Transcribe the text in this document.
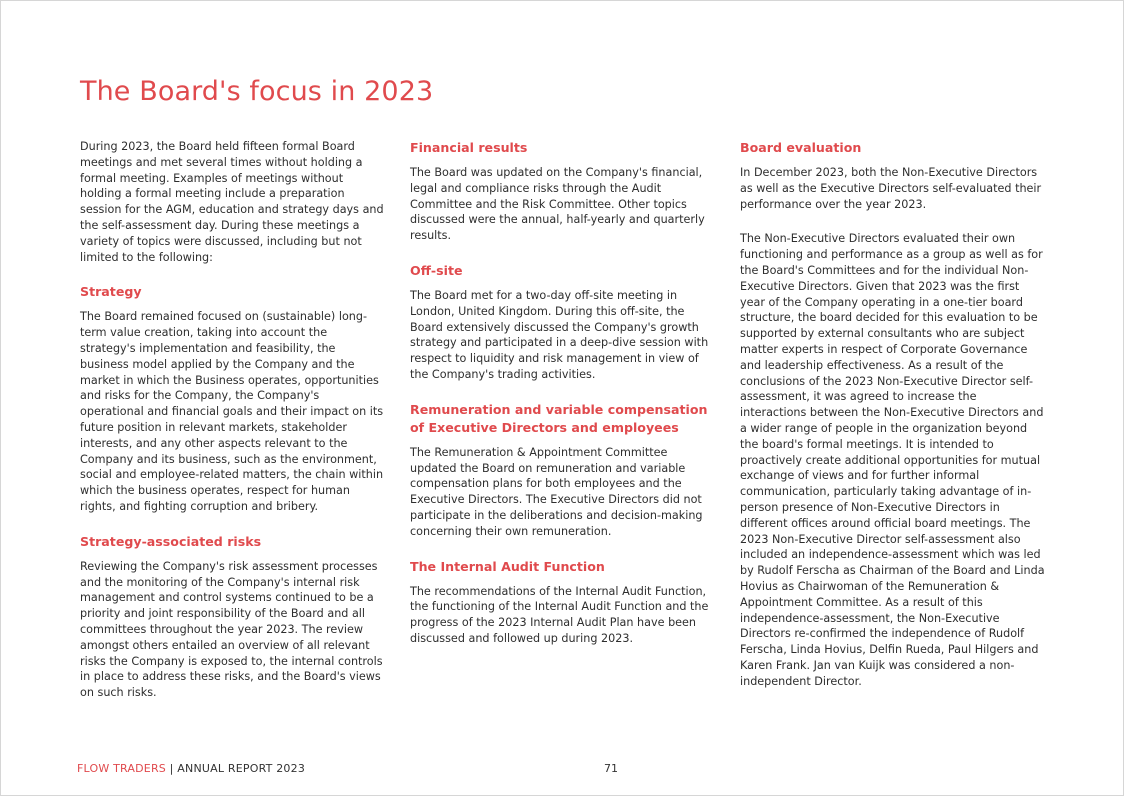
The Board's focus in 2023

During 2023, the Board held fifteen formal Board meetings and met several times without holding a formal meeting. Examples of meetings without holding a formal meeting include a preparation session for the AGM, education and strategy days and the self-assessment day. During these meetings a variety of topics were discussed, including but not limited to the following:

Strategy

The Board remained focused on (sustainable) long-term value creation, taking into account the strategy's implementation and feasibility, the business model applied by the Company and the market in which the Business operates, opportunities and risks for the Company, the Company's operational and financial goals and their impact on its future position in relevant markets, stakeholder interests, and any other aspects relevant to the Company and its business, such as the environment, social and employee-related matters, the chain within which the business operates, respect for human rights, and fighting corruption and bribery.

Strategy-associated risks

Reviewing the Company's risk assessment processes and the monitoring of the Company's internal risk management and control systems continued to be a priority and joint responsibility of the Board and all committees throughout the year 2023. The review amongst others entailed an overview of all relevant risks the Company is exposed to, the internal controls in place to address these risks, and the Board's views on such risks.

Financial results

The Board was updated on the Company's financial, legal and compliance risks through the Audit Committee and the Risk Committee. Other topics discussed were the annual, half-yearly and quarterly results.

Off-site

The Board met for a two-day off-site meeting in London, United Kingdom. During this off-site, the Board extensively discussed the Company's growth strategy and participated in a deep-dive session with respect to liquidity and risk management in view of the Company's trading activities.

Remuneration and variable compensation of Executive Directors and employees

The Remuneration & Appointment Committee updated the Board on remuneration and variable compensation plans for both employees and the Executive Directors. The Executive Directors did not participate in the deliberations and decision-making concerning their own remuneration.

The Internal Audit Function

The recommendations of the Internal Audit Function, the functioning of the Internal Audit Function and the progress of the 2023 Internal Audit Plan have been discussed and followed up during 2023.

Board evaluation

In December 2023, both the Non-Executive Directors as well as the Executive Directors self-evaluated their performance over the year 2023.

The Non-Executive Directors evaluated their own functioning and performance as a group as well as for the Board's Committees and for the individual Non-Executive Directors. Given that 2023 was the first year of the Company operating in a one-tier board structure, the board decided for this evaluation to be supported by external consultants who are subject matter experts in respect of Corporate Governance and leadership effectiveness. As a result of the conclusions of the 2023 Non-Executive Director self-assessment, it was agreed to increase the interactions between the Non-Executive Directors and a wider range of people in the organization beyond the board's formal meetings. It is intended to proactively create additional opportunities for mutual exchange of views and for further informal communication, particularly taking advantage of in-person presence of Non-Executive Directors in different offices around official board meetings. The 2023 Non-Executive Director self-assessment also included an independence-assessment which was led by Rudolf Ferscha as Chairman of the Board and Linda Hovius as Chairwoman of the Remuneration & Appointment Committee. As a result of this independence-assessment, the Non-Executive Directors re-confirmed the independence of Rudolf Ferscha, Linda Hovius, Delfin Rueda, Paul Hilgers and Karen Frank. Jan van Kuijk was considered a non-independent Director.

FLOW TRADERS | ANNUAL REPORT 2023	71
